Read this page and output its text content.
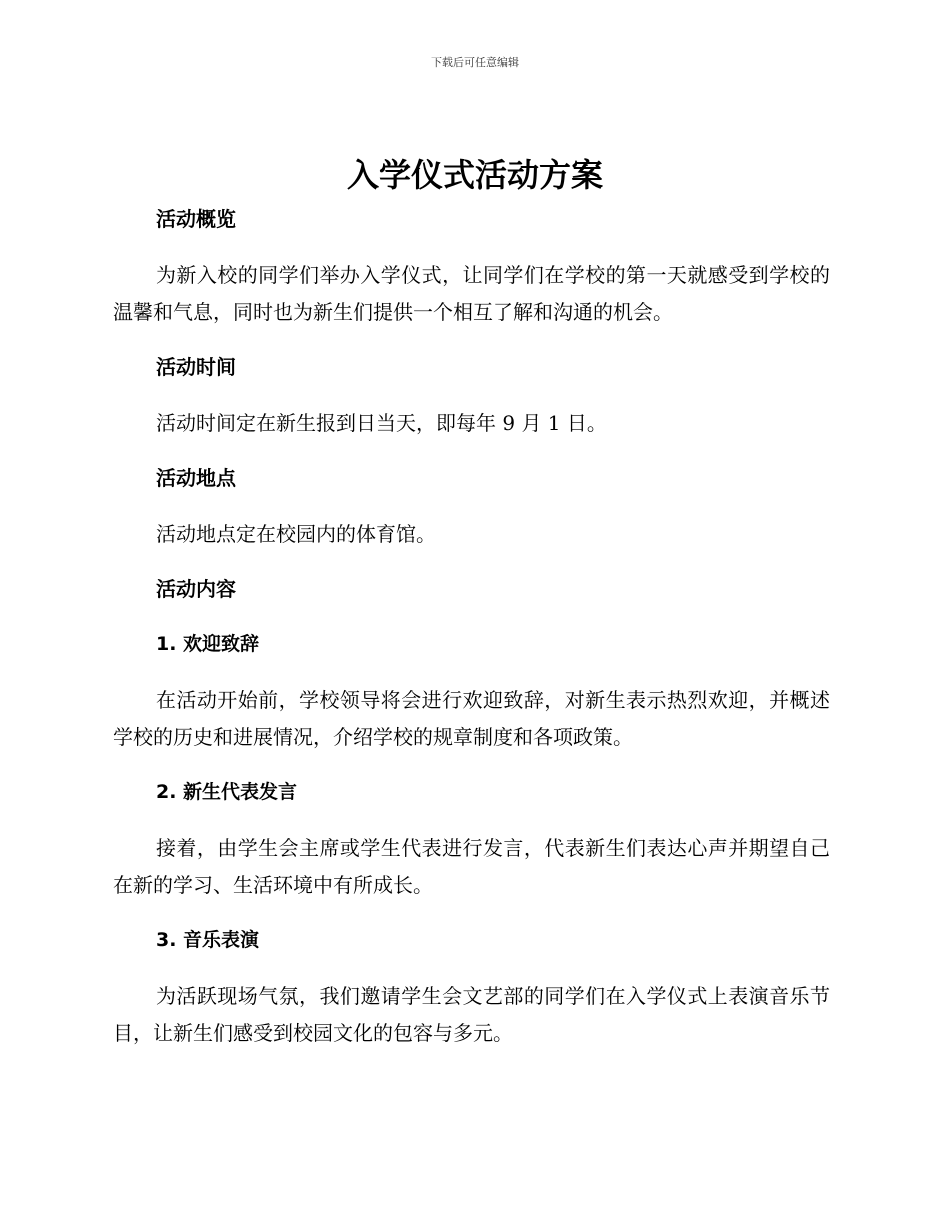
下载后可任意编辑
入学仪式活动方案
活动概览

为新入校的同学们举办入学仪式，让同学们在学校的第一天就感受到学校的温馨和气息，同时也为新生们提供一个相互了解和沟通的机会。

活动时间

活动时间定在新生报到日当天，即每年 9 月 1 日。

活动地点

活动地点定在校园内的体育馆。

活动内容
1. 欢迎致辞

在活动开始前，学校领导将会进行欢迎致辞，对新生表示热烈欢迎，并概述学校的历史和进展情况，介绍学校的规章制度和各项政策。

2. 新生代表发言

接着，由学生会主席或学生代表进行发言，代表新生们表达心声并期望自己在新的学习、生活环境中有所成长。

3. 音乐表演

为活跃现场气氛，我们邀请学生会文艺部的同学们在入学仪式上表演音乐节目，让新生们感受到校园文化的包容与多元。
